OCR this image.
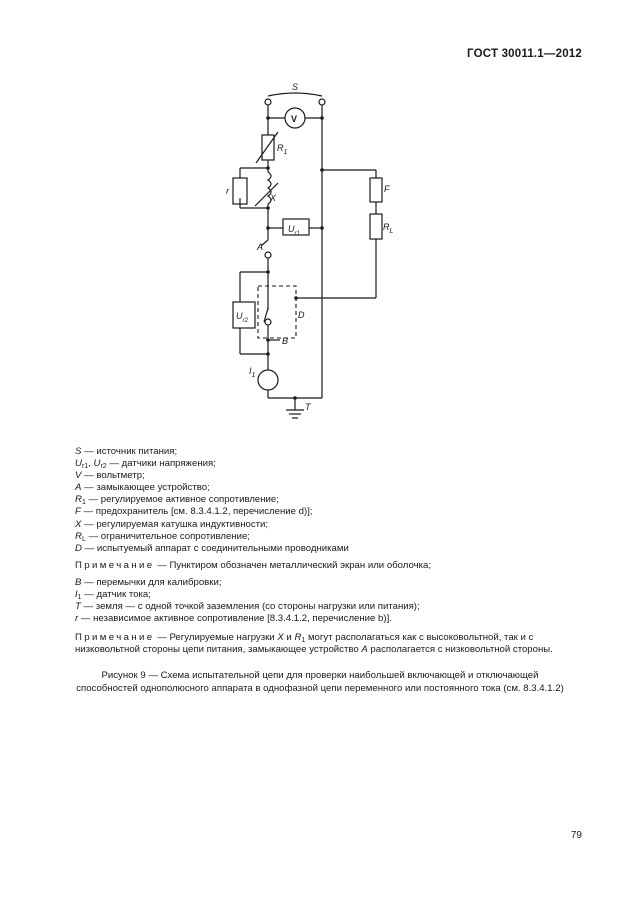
ГОСТ 30011.1—2012
S
V
$R_1$
r
X
$U_{r1}$
A
F
$R_L$
$U_{r2}$
D
B
$I_1$
T
S — источник питания;
$U_{r1}$, $U_{r2}$ — датчики напряжения;
V — вольтметр;
A — замыкающее устройство;
$R_1$ — регулируемое активное сопротивление;
F — предохранитель [см. 8.3.4.1.2, перечисление d)];
X — регулируемая катушка индуктивности;
$R_L$ — ограничительное сопротивление;
D — испытуемый аппарат с соединительными проводниками
Примечание — Пунктиром обозначен металлический экран или оболочка;
B — перемычки для калибровки;
$I_1$ — датчик тока;
T — земля — с одной точкой заземления (со стороны нагрузки или питания);
r — независимое активное сопротивление [8.3.4.1.2, перечисление b)].
Примечание — Регулируемые нагрузки X и $R_1$ могут располагаться как с высоковольтной, так и с низковольтной стороны цепи питания, замыкающее устройство A располагается с низковольтной стороны.
Рисунок 9 — Схема испытательной цепи для проверки наибольшей включающей и отключающей
способностей однополюсного аппарата в однофазной цепи переменного или постоянного тока (см. 8.3.4.1.2)
79
